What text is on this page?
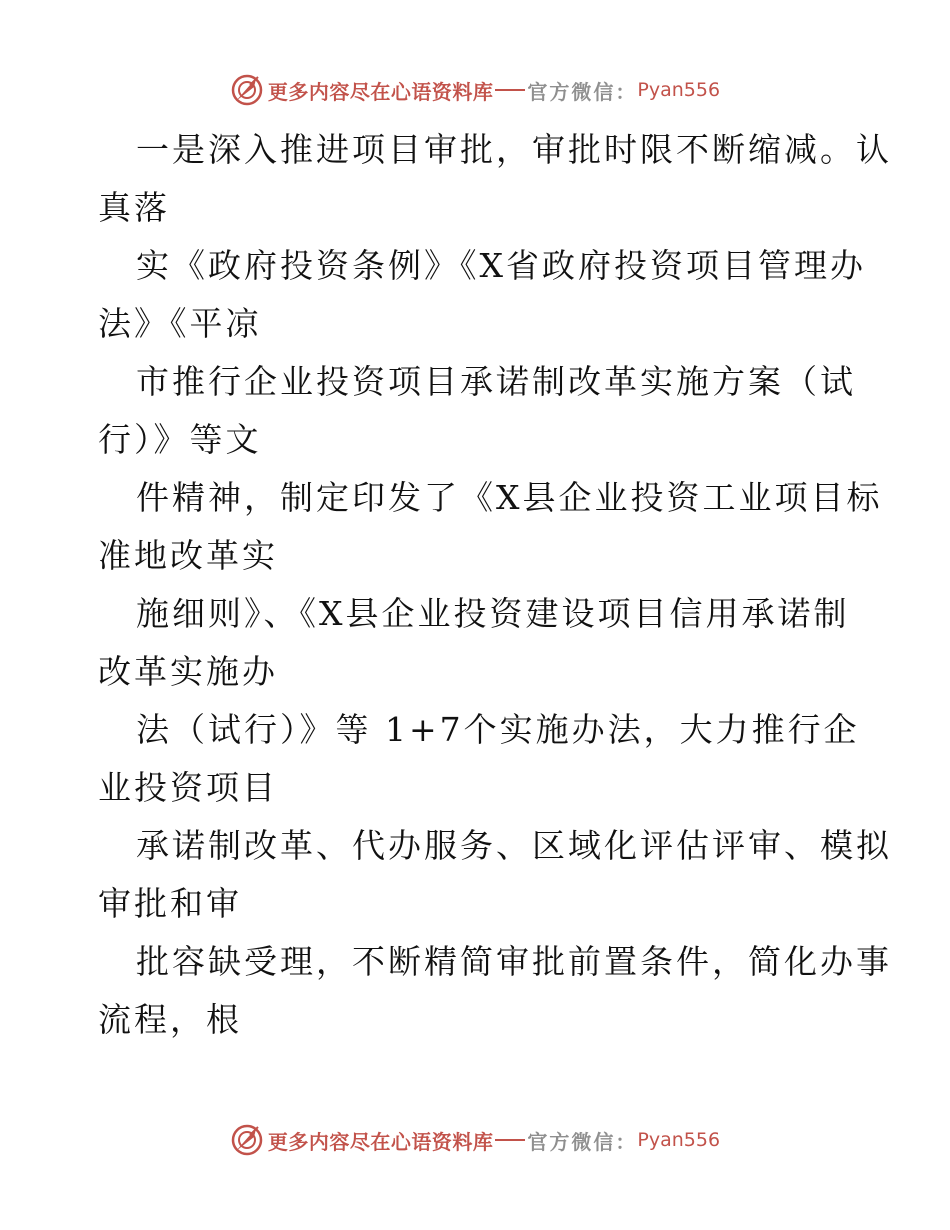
更多内容尽在心语资料库 官方微信： Pyan556
一是深入推进项目审批，审批时限不断缩减。认
真落
实《政府投资条例》《X省政府投资项目管理办
法》《平凉
市推行企业投资项目承诺制改革实施方案（试
行）》等文
件精神，制定印发了《X县企业投资工业项目标
准地改革实
施细则》、《X县企业投资建设项目信用承诺制
改革实施办
法（试行）》等 1+7个实施办法，大力推行企
业投资项目
承诺制改革、代办服务、区域化评估评审、模拟
审批和审
批容缺受理，不断精简审批前置条件，简化办事
流程，根
更多内容尽在心语资料库 官方微信： Pyan556
